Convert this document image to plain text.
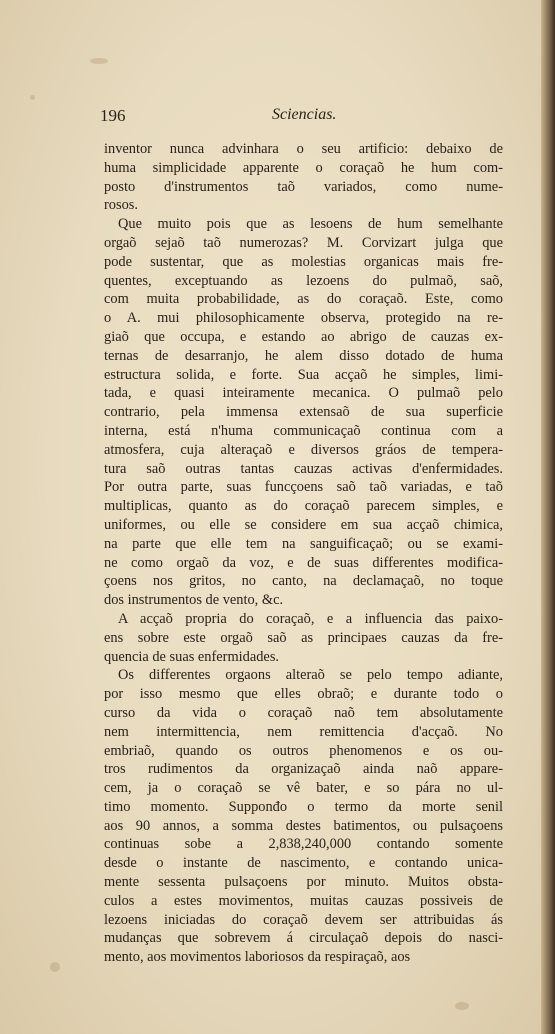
196	Sciencias.
inventor nunca advinhara o seu artificio: debaixo de
huma simplicidade apparente o coraçaõ he hum com-
posto d'instrumentos taõ variados, como nume-
rosos.
Que muito pois que as lesoens de hum semelhante
orgaõ sejaõ taõ numerozas? M. Corvizart julga que
pode sustentar, que as molestias organicas mais fre-
quentes, exceptuando as lezoens do pulmaõ, saõ,
com muita probabilidade, as do coraçaõ. Este, como
o A. mui philosophicamente observa, protegido na re-
giaõ que occupa, e estando ao abrigo de cauzas ex-
ternas de desarranjo, he alem disso dotado de huma
estructura solida, e forte. Sua acçaõ he simples, limi-
tada, e quasi inteiramente mecanica. O pulmaõ pelo
contrario, pela immensa extensaõ de sua superficie
interna, está n'huma communicaçaõ continua com a
atmosfera, cuja alteraçaõ e diversos gráos de tempera-
tura saõ outras tantas cauzas activas d'enfermidades.
Por outra parte, suas funcçoens saõ taõ variadas, e taõ
multiplicas, quanto as do coraçaõ parecem simples, e
uniformes, ou elle se considere em sua acçaõ chimica,
na parte que elle tem na sanguificaçaõ; ou se exami-
ne como orgaõ da voz, e de suas differentes modifica-
çoens nos gritos, no canto, na declamaçaõ, no toque
dos instrumentos de vento, &c.
A acçaõ propria do coraçaõ, e a influencia das paixo-
ens sobre este orgaõ saõ as principaes cauzas da fre-
quencia de suas enfermidades.
Os differentes orgaons alteraõ se pelo tempo adiante,
por isso mesmo que elles obraõ; e durante todo o
curso da vida o coraçaõ naõ tem absolutamente
nem intermittencia, nem remittencia d'acçaõ. No
embriaõ, quando os outros phenomenos e os ou-
tros rudimentos da organizaçaõ ainda naõ appare-
cem, ja o coraçaõ se vê bater, e so pára no ul-
timo momento. Supponđo o termo da morte senil
aos 90 annos, a somma destes batimentos, ou pulsaçoens
continuas sobe a 2,838,240,000 contando somente
desde o instante de nascimento, e contando unica-
mente sessenta pulsaçoens por minuto. Muitos obsta-
culos a estes movimentos, muitas cauzas possiveis de
lezoens iniciadas do coraçaõ devem ser attribuidas ás
mudanças que sobrevem á circulaçaõ depois do nasci-
mento, aos movimentos laboriosos da respiraçaõ, aos
